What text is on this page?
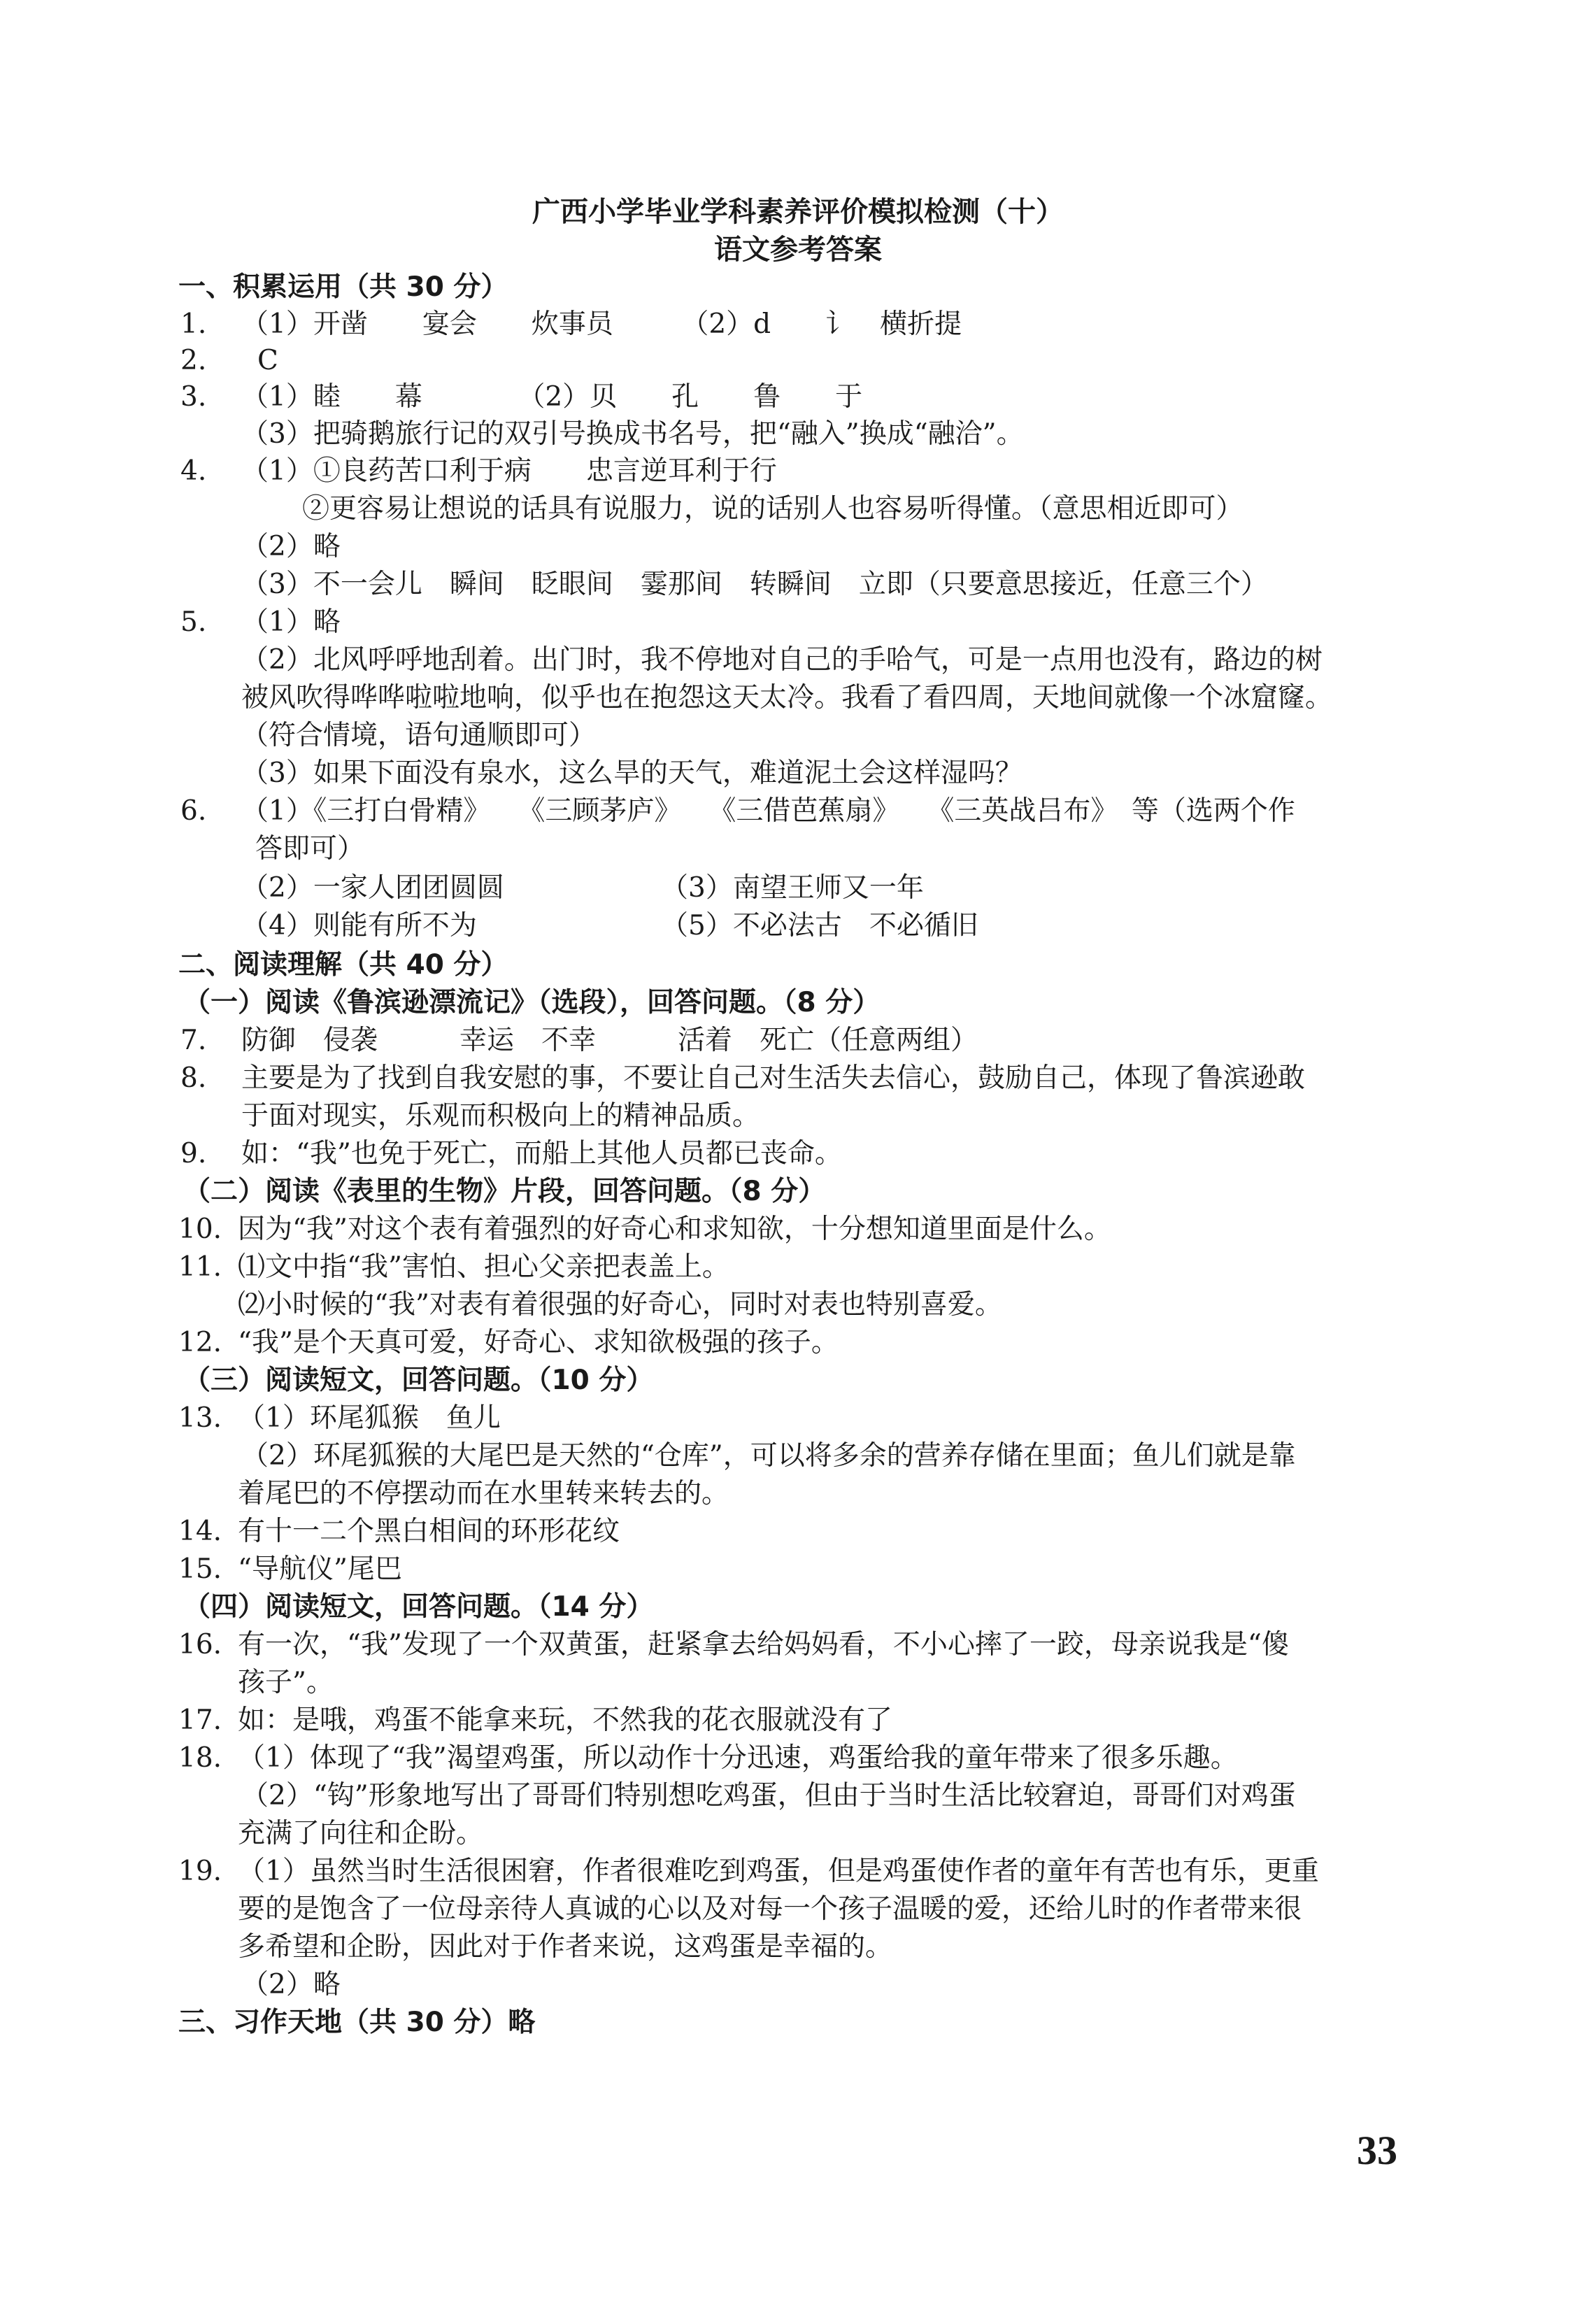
广西小学毕业学科素养评价模拟检测（十）
语文参考答案
一、积累运用（共 30 分）
1. （1）开凿　　宴会　　炊事员　　　（2）d　　讠　横折提
2. C
3. （1）睦　　幕　　　　（2）贝　　孔　　鲁　　于
（3）把骑鹅旅行记的双引号换成书名号，把“融入”换成“融洽”。
4. （1）①良药苦口利于病　　忠言逆耳利于行
②更容易让想说的话具有说服力，说的话别人也容易听得懂。（意思相近即可）
（2）略
（3）不一会儿　瞬间　眨眼间　霎那间　转瞬间　立即（只要意思接近，任意三个）
5. （1）略
（2）北风呼呼地刮着。出门时，我不停地对自己的手哈气，可是一点用也没有，路边的树
被风吹得哗哗啦啦地响，似乎也在抱怨这天太冷。我看了看四周，天地间就像一个冰窟窿。
（符合情境，语句通顺即可）
（3）如果下面没有泉水，这么旱的天气，难道泥土会这样湿吗？
6. （1）《三打白骨精》　　《三顾茅庐》　　《三借芭蕉扇》　　《三英战吕布》　等（选两个作
答即可）
（2）一家人团团圆圆	（3）南望王师又一年
（4）则能有所不为	（5）不必法古　不必循旧
二、阅读理解（共 40 分）
（一）阅读《鲁滨逊漂流记》（选段），回答问题。（8 分）
7. 防御　侵袭　　　幸运　不幸　　　活着　死亡（任意两组）
8. 主要是为了找到自我安慰的事，不要让自己对生活失去信心，鼓励自己，体现了鲁滨逊敢
于面对现实，乐观而积极向上的精神品质。
9. 如：“我”也免于死亡，而船上其他人员都已丧命。
（二）阅读《表里的生物》片段，回答问题。（8 分）
10. 因为“我”对这个表有着强烈的好奇心和求知欲，十分想知道里面是什么。
11. ⑴文中指“我”害怕、担心父亲把表盖上。
⑵小时候的“我”对表有着很强的好奇心，同时对表也特别喜爱。
12. “我”是个天真可爱，好奇心、求知欲极强的孩子。
（三）阅读短文，回答问题。（10 分）
13. （1）环尾狐猴　鱼儿
（2）环尾狐猴的大尾巴是天然的“仓库”，可以将多余的营养存储在里面；鱼儿们就是靠
着尾巴的不停摆动而在水里转来转去的。
14. 有十一二个黑白相间的环形花纹
15. “导航仪”尾巴
（四）阅读短文，回答问题。（14 分）
16. 有一次，“我”发现了一个双黄蛋，赶紧拿去给妈妈看，不小心摔了一跤，母亲说我是“傻
孩子”。
17. 如：是哦，鸡蛋不能拿来玩，不然我的花衣服就没有了
18. （1）体现了“我”渴望鸡蛋，所以动作十分迅速，鸡蛋给我的童年带来了很多乐趣。
（2）“钩”形象地写出了哥哥们特别想吃鸡蛋，但由于当时生活比较窘迫，哥哥们对鸡蛋
充满了向往和企盼。
19. （1）虽然当时生活很困窘，作者很难吃到鸡蛋，但是鸡蛋使作者的童年有苦也有乐，更重
要的是饱含了一位母亲待人真诚的心以及对每一个孩子温暖的爱，还给儿时的作者带来很
多希望和企盼，因此对于作者来说，这鸡蛋是幸福的。
（2）略
三、习作天地（共 30 分）略
33
